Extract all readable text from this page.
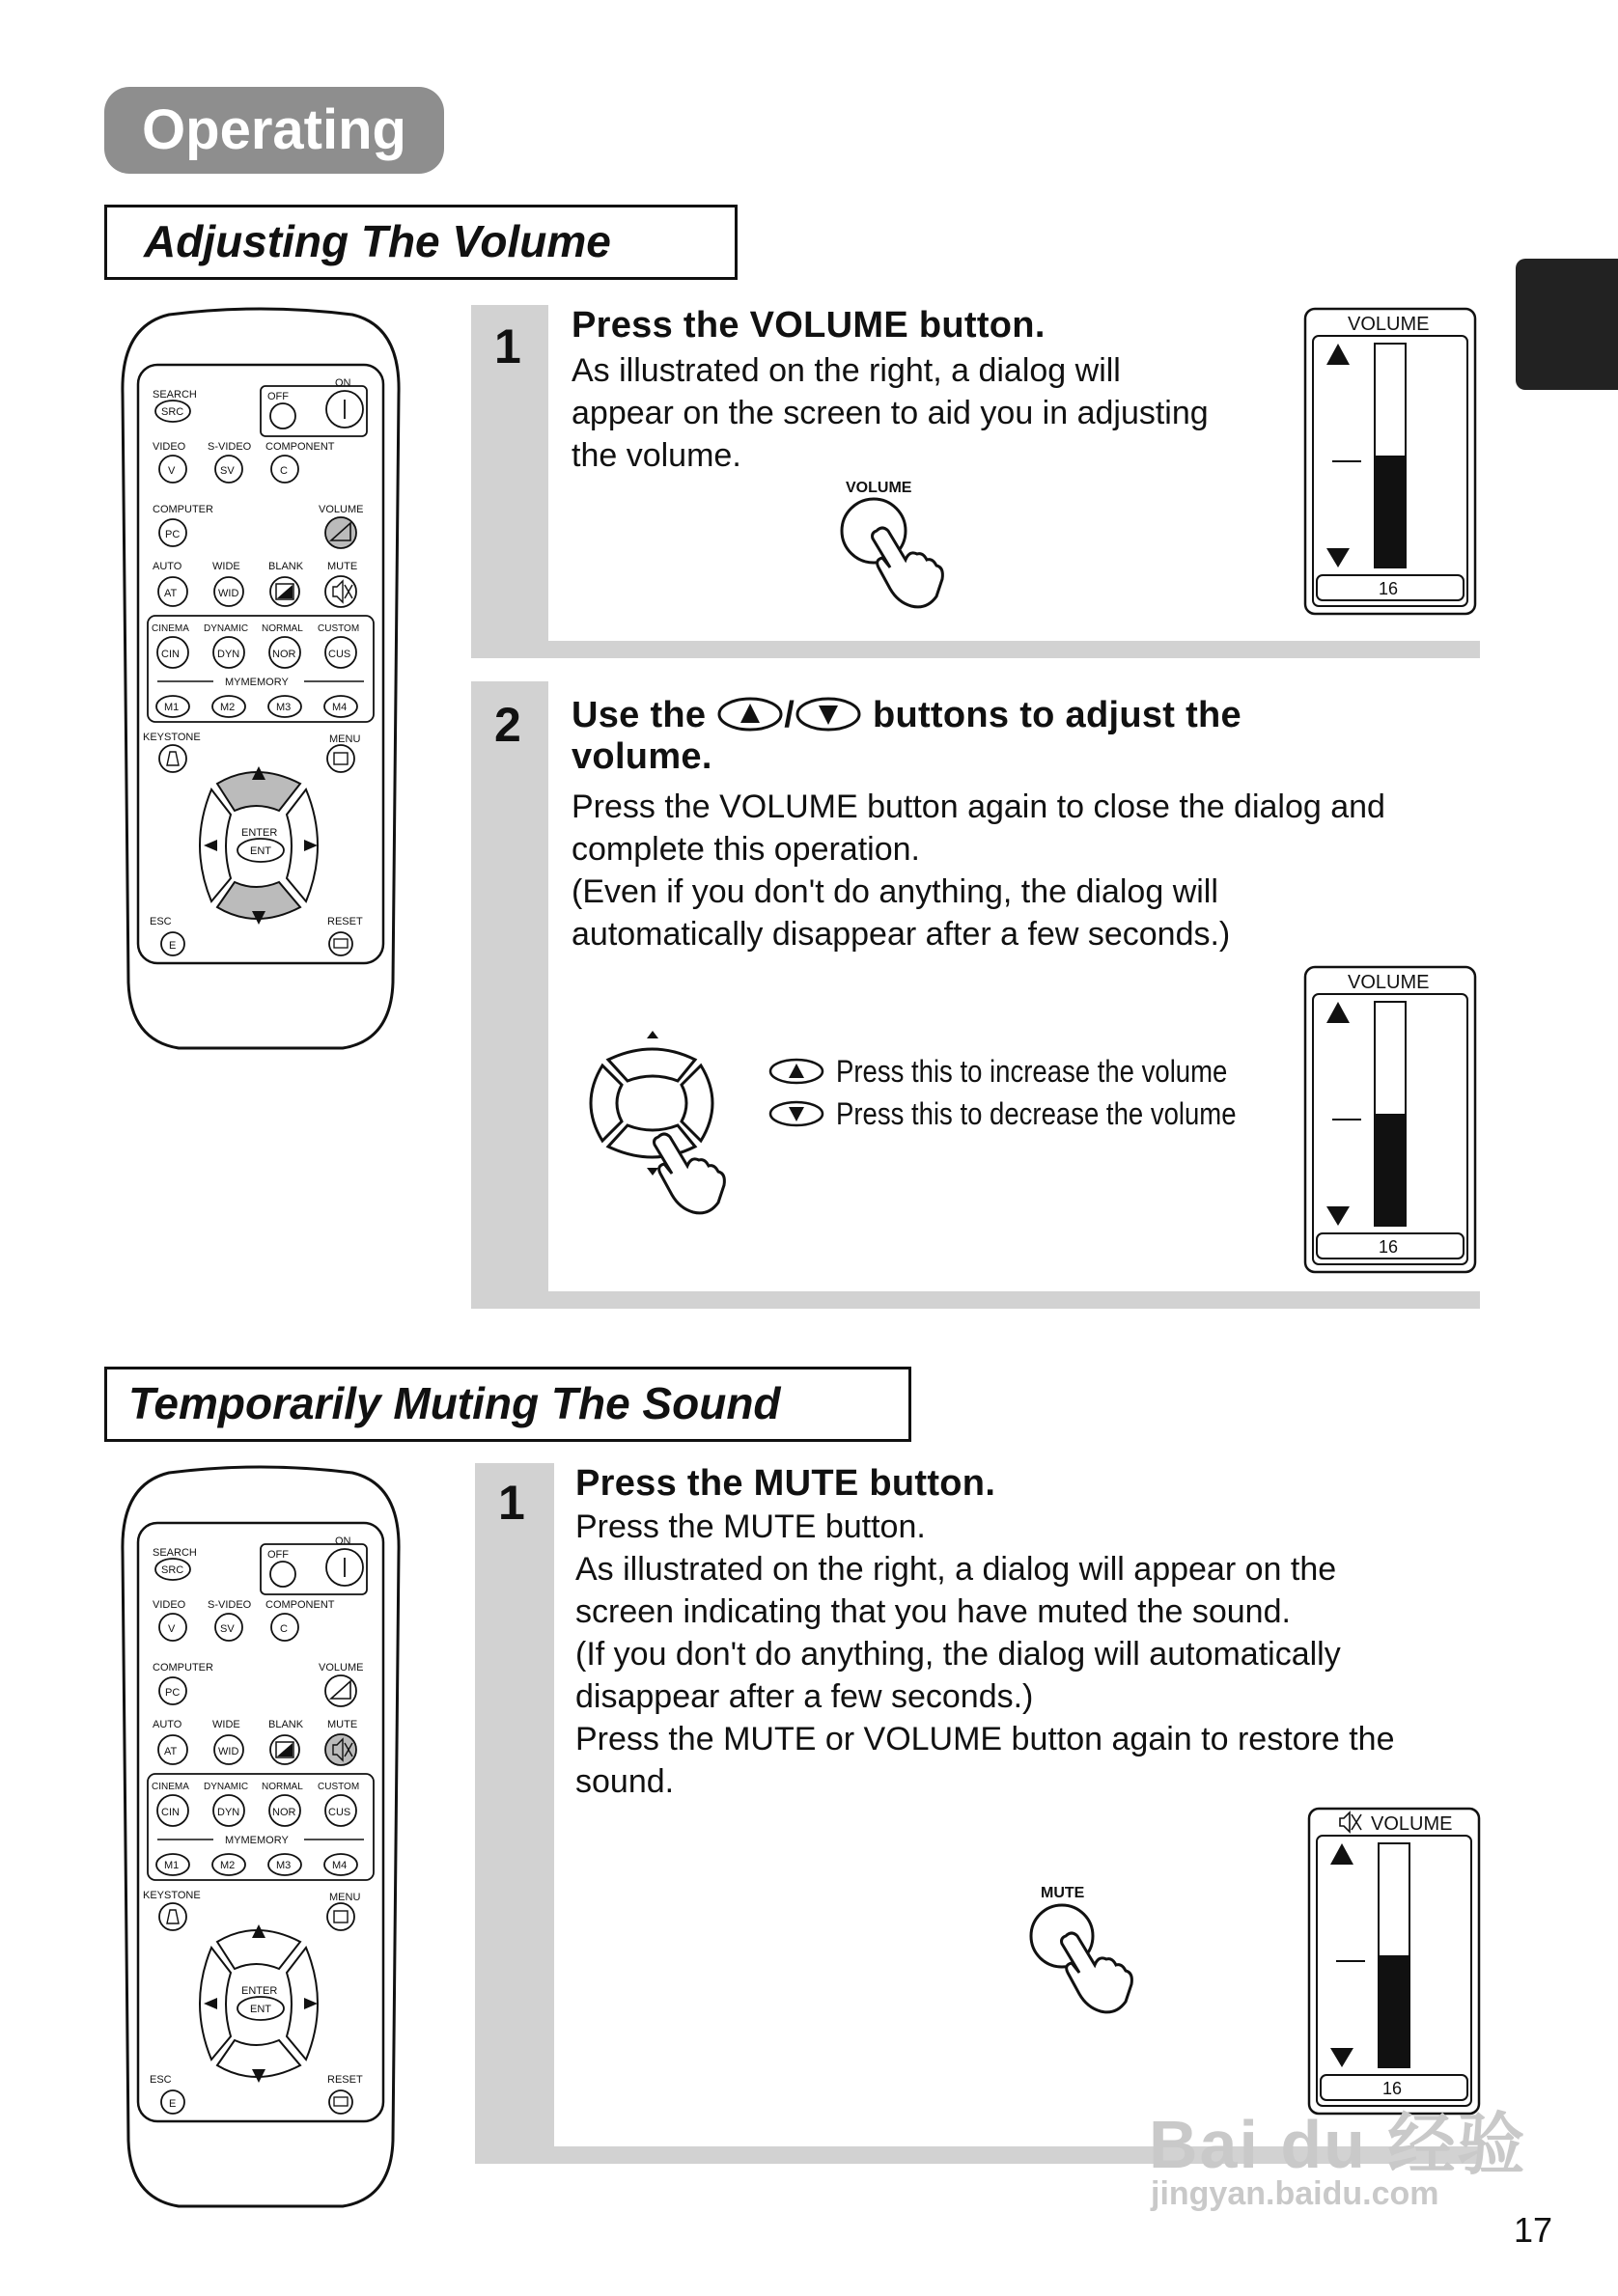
Operating
Adjusting The Volume
SEARCH
SRC
OFF
ON
VIDEO S-VIDEO COMPONENT
V	SV	C
COMPUTER	VOLUME
PC
AUTO	WIDE	BLANK MUTE
AT	WID
CINEMA DYNAMIC NORMAL CUSTOM
CIN	DYN	NOR	CUS
MYMEMORY
M1	M2	M3	M4
KEYSTONE	MENU
ENTER
ENT
ESC	RESET
E
1 Press the VOLUME button.
As illustrated on the right, a dialog will
appear on the screen to aid you in adjusting
the volume.
VOLUME
VOLUME
16
2 Use the / buttons to adjust the
volume.
Press the VOLUME button again to close the dialog and
complete this operation.
(Even if you don't do anything, the dialog will
automatically disappear after a few seconds.)
Press this to increase the volume
Press this to decrease the volume
VOLUME
16
Temporarily Muting The Sound
SEARCH
SRC
OFF
ON
VIDEO S-VIDEO COMPONENT
V	SV	C
COMPUTER	VOLUME
PC
AUTO	WIDE	BLANK MUTE
AT	WID
CINEMA DYNAMIC NORMAL CUSTOM
CIN	DYN	NOR	CUS
MYMEMORY
M1	M2	M3	M4
KEYSTONE	MENU
ENTER
ENT
ESC	RESET
E
1 Press the MUTE button.
Press the MUTE button.
As illustrated on the right, a dialog will appear on the
screen indicating that you have muted the sound.
(If you don't do anything, the dialog will automatically
disappear after a few seconds.)
Press the MUTE or VOLUME button again to restore the
sound.
MUTE
VOLUME
16
Bai du 经验
jingyan.baidu.com
17
